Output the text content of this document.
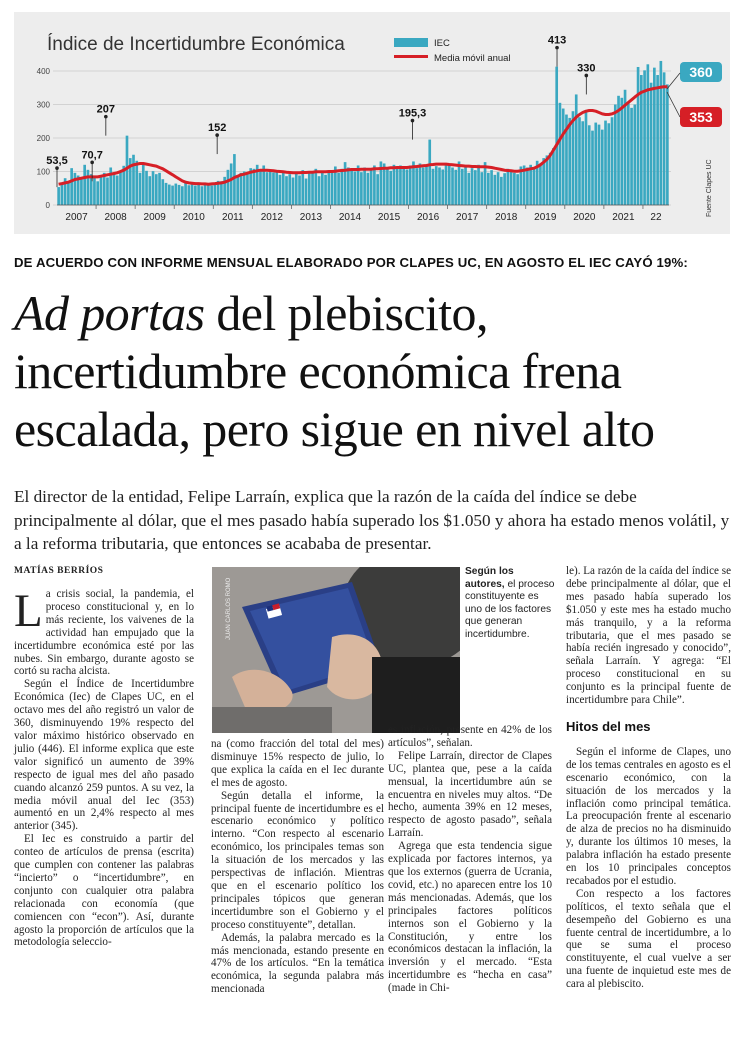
Índice de Incertidumbre Económica
0
100
200
300
400
2007 2008 2009 2010 2011 2012 2013 2014 2015 2016 2017 2018 2019 2020 2021 22
53,5 70,7
207
152
195,3
413
330
IEC
Media móvil anual
360
353
Fuente Clapes UC
DE ACUERDO CON INFORME MENSUAL ELABORADO POR CLAPES UC, EN AGOSTO EL IEC CAYÓ 19%:
Ad portas del plebiscito, incertidumbre económica frena escalada, pero sigue en nivel alto

El director de la entidad, Felipe Larraín, explica que la razón de la caída del índice se debe principalmente al dólar, que el mes pasado había superado los $1.050 y ahora ha estado menos volátil, y a la reforma tributaria, que entonces se acababa de presentar.

MATÍAS BERRÍOS
JUAN CARLOS ROMO
Según los autores, el proceso constituyente es uno de los factores que generan incertidumbre.

La crisis social, la pandemia, el proceso constitucional y, en lo más reciente, los vaivenes de la actividad han empujado que la incertidumbre económica esté por las nubes. Sin embargo, durante agosto se cortó su racha alcista.

Según el Índice de Incertidumbre Económica (Iec) de Clapes UC, en el octavo mes del año registró un valor de 360, disminuyendo 19% respecto del valor máximo histórico observado en julio (446). El informe explica que este valor significó un aumento de 39% respecto de igual mes del año pasado cuando alcanzó 259 puntos. A su vez, la media móvil anual del Iec (353) aumentó en un 2,4% respecto al mes anterior (345).

El Iec es construido a partir del conteo de artículos de prensa (escrita) que cumplen con contener las palabras “incierto” o “incertidumbre”, en conjunto con cualquier otra palabra relacionada con economía (que comiencen con “econ”). Así, durante agosto la proporción de artículos que la metodología seleccio-

na (como fracción del total del mes) disminuye 15% respecto de julio, lo que explica la caída en el Iec durante el mes de agosto.

Según detalla el informe, la principal fuente de incertidumbre es el escenario económico y político interno. “Con respecto al escenario económico, los principales temas son la situación de los mercados y las perspectivas de inflación. Mientras que en el escenario político los principales tópicos que generan incertidumbre son el Gobierno y el proceso constituyente”, detallan.

Además, la palabra mercado es la más mencionada, estando presente en 47% de los artículos. “En la temática económica, la segunda palabra más mencionada

es inflación, presente en 42% de los artículos”, señalan.

Felipe Larraín, director de Clapes UC, plantea que, pese a la caída mensual, la incertidumbre aún se encuentra en niveles muy altos. “De hecho, aumenta 39% en 12 meses, respecto de agosto pasado”, señala Larraín.

Agrega que esta tendencia sigue explicada por factores internos, ya que los externos (guerra de Ucrania, covid, etc.) no aparecen entre los 10 más mencionadas. Además, que los principales factores políticos internos son el Gobierno y la Constitución, y entre los económicos destacan la inflación, la inversión y el mercado. “Esta incertidumbre es “hecha en casa” (made in Chi-

le). La razón de la caída del índice se debe principalmente al dólar, que el mes pasado había superado los $1.050 y este mes ha estado mucho más tranquilo, y a la reforma tributaria, que el mes pasado se había recién ingresado y conocido”, señala Larraín. Y agrega: “El proceso constitucional en su conjunto es la principal fuente de incertidumbre para Chile”.

Hitos del mes

Según el informe de Clapes, uno de los temas centrales en agosto es el escenario económico, con la situación de los mercados y la inflación como principal temática. La preocupación frente al escenario de alza de precios no ha disminuido y, durante los últimos 10 meses, la palabra inflación ha estado presente en los 10 principales conceptos recabados por el estudio.

Con respecto a los factores políticos, el texto señala que el desempeño del Gobierno es una fuente central de incertidumbre, a lo que se suma el proceso constituyente, el cual vuelve a ser una fuente de inquietud este mes de cara al plebiscito.
